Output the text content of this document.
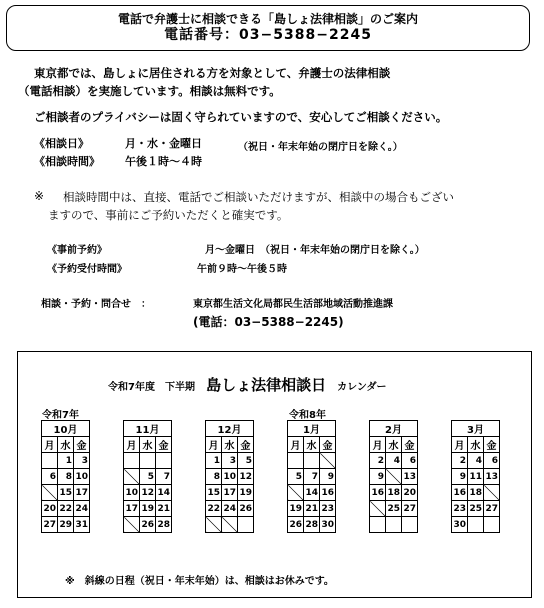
電話で弁護士に相談できる「島しょ法律相談」のご案内
電話番号：03−5388−2245
東京都では、島しょに居住される方を対象として、弁護士の法律相談
（電話相談）を実施しています。相談は無料です。
ご相談者のプライバシーは固く守られていますので、安心してご相談ください。
《相談日》	月・水・金曜日	（祝日・年末年始の閉庁日を除く。）
《相談時間》 午後１時〜４時
※ 相談時間中は、直接、電話でご相談いただけますが、相談中の場合もござい
ますので、事前にご予約いただくと確実です。
《事前予約》	月〜金曜日　（祝日・年末年始の閉庁日を除く。）
《予約受付時間》	午前９時〜午後５時
相談・予約・問合せ　：	東京都生活文化局都民生活部地域活動推進課
(電話：03−5388−2245)
令和7年度　下半期 島しょ法律相談日 カレンダー
令和7年	令和8年
10月		
月	水	金
	1	3
6	8	10
	15	17
20	22	24
27	29	31
11月		
月	水	金

	5	7
10	12	14
17	19	21
	26	28
12月		
月	水	金
1	3	5
8	10	12
15	17	19
22	24	26

1月		
月	水	金

5	7	9
	14	16
19	21	23
26	28	30
2月		
月	水	金
2	4	6
9		13
16	18	20
	25	27

3月		
月	水	金
2	4	6
9	11	13
16	18	
23	25	27
30		
※　斜線の日程（祝日・年末年始）は、相談はお休みです。
